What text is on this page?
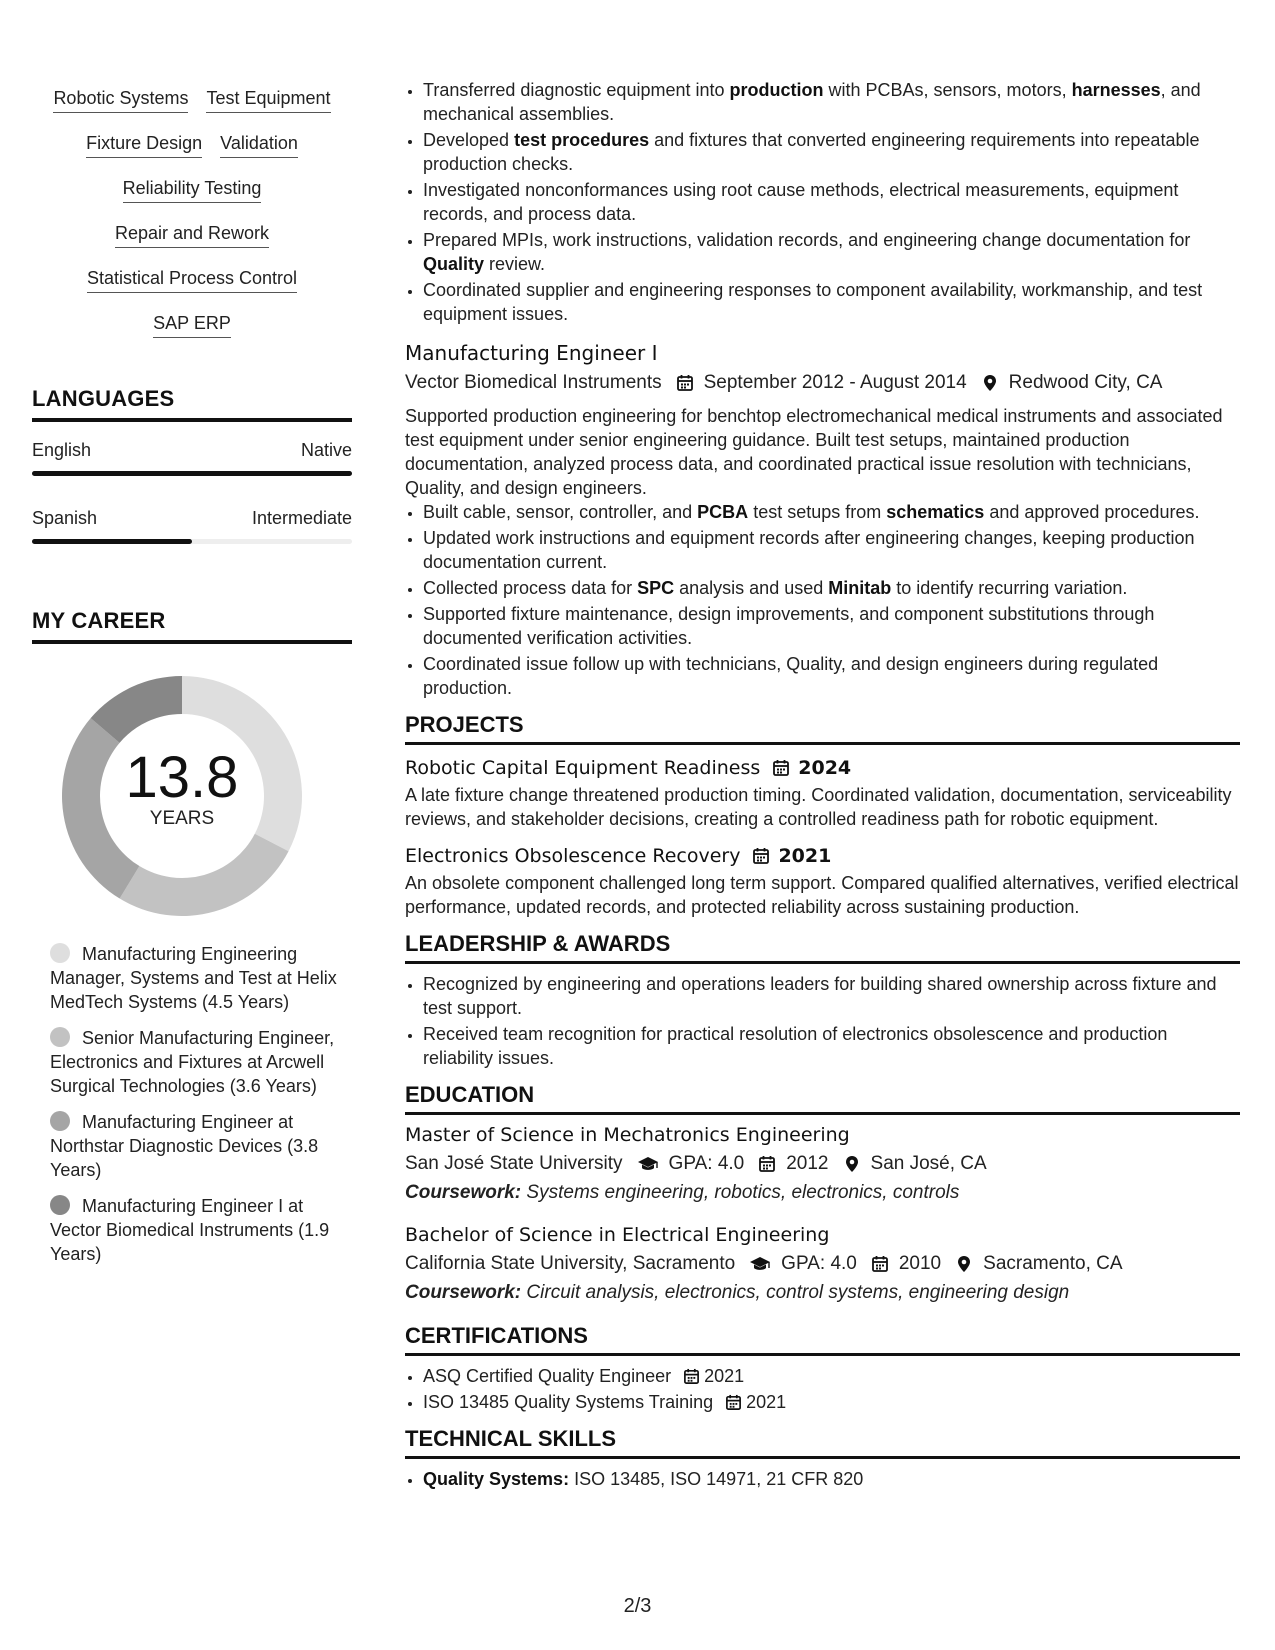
Robotic Systems Test Equipment
Fixture Design Validation
Reliability Testing
Repair and Rework
Statistical Process Control
SAP ERP
LANGUAGES
English	Native
Spanish	Intermediate
MY CAREER
13.8
YEARS
Manufacturing Engineering Manager, Systems and Test at Helix MedTech Systems (4.5 Years)
Senior Manufacturing Engineer, Electronics and Fixtures at Arcwell Surgical Technologies (3.6 Years)
Manufacturing Engineer at Northstar Diagnostic Devices (3.8 Years)
Manufacturing Engineer I at Vector Biomedical Instruments (1.9 Years)
• Transferred diagnostic equipment into production with PCBAs, sensors, motors, harnesses, and mechanical assemblies.
• Developed test procedures and fixtures that converted engineering requirements into repeatable production checks.
• Investigated nonconformances using root cause methods, electrical measurements, equipment records, and process data.
• Prepared MPIs, work instructions, validation records, and engineering change documentation for Quality review.
• Coordinated supplier and engineering responses to component availability, workmanship, and test equipment issues.
Manufacturing Engineer I
Vector Biomedical Instruments September 2012 - August 2014 Redwood City, CA
Supported production engineering for benchtop electromechanical medical instruments and associated test equipment under senior engineering guidance. Built test setups, maintained production documentation, analyzed process data, and coordinated practical issue resolution with technicians, Quality, and design engineers.
• Built cable, sensor, controller, and PCBA test setups from schematics and approved procedures.
• Updated work instructions and equipment records after engineering changes, keeping production documentation current.
• Collected process data for SPC analysis and used Minitab to identify recurring variation.
• Supported fixture maintenance, design improvements, and component substitutions through documented verification activities.
• Coordinated issue follow up with technicians, Quality, and design engineers during regulated production.
PROJECTS
Robotic Capital Equipment Readiness 2024
A late fixture change threatened production timing. Coordinated validation, documentation, serviceability reviews, and stakeholder decisions, creating a controlled readiness path for robotic equipment.
Electronics Obsolescence Recovery 2021
An obsolete component challenged long term support. Compared qualified alternatives, verified electrical performance, updated records, and protected reliability across sustaining production.
LEADERSHIP & AWARDS
• Recognized by engineering and operations leaders for building shared ownership across fixture and test support.
• Received team recognition for practical resolution of electronics obsolescence and production reliability issues.
EDUCATION
Master of Science in Mechatronics Engineering
San José State University GPA: 4.0 2012 San José, CA
Coursework: Systems engineering, robotics, electronics, controls
Bachelor of Science in Electrical Engineering
California State University, Sacramento GPA: 4.0 2010 Sacramento, CA
Coursework: Circuit analysis, electronics, control systems, engineering design
CERTIFICATIONS
• ASQ Certified Quality Engineer 2021
• ISO 13485 Quality Systems Training 2021
TECHNICAL SKILLS
• Quality Systems: ISO 13485, ISO 14971, 21 CFR 820
2/3
